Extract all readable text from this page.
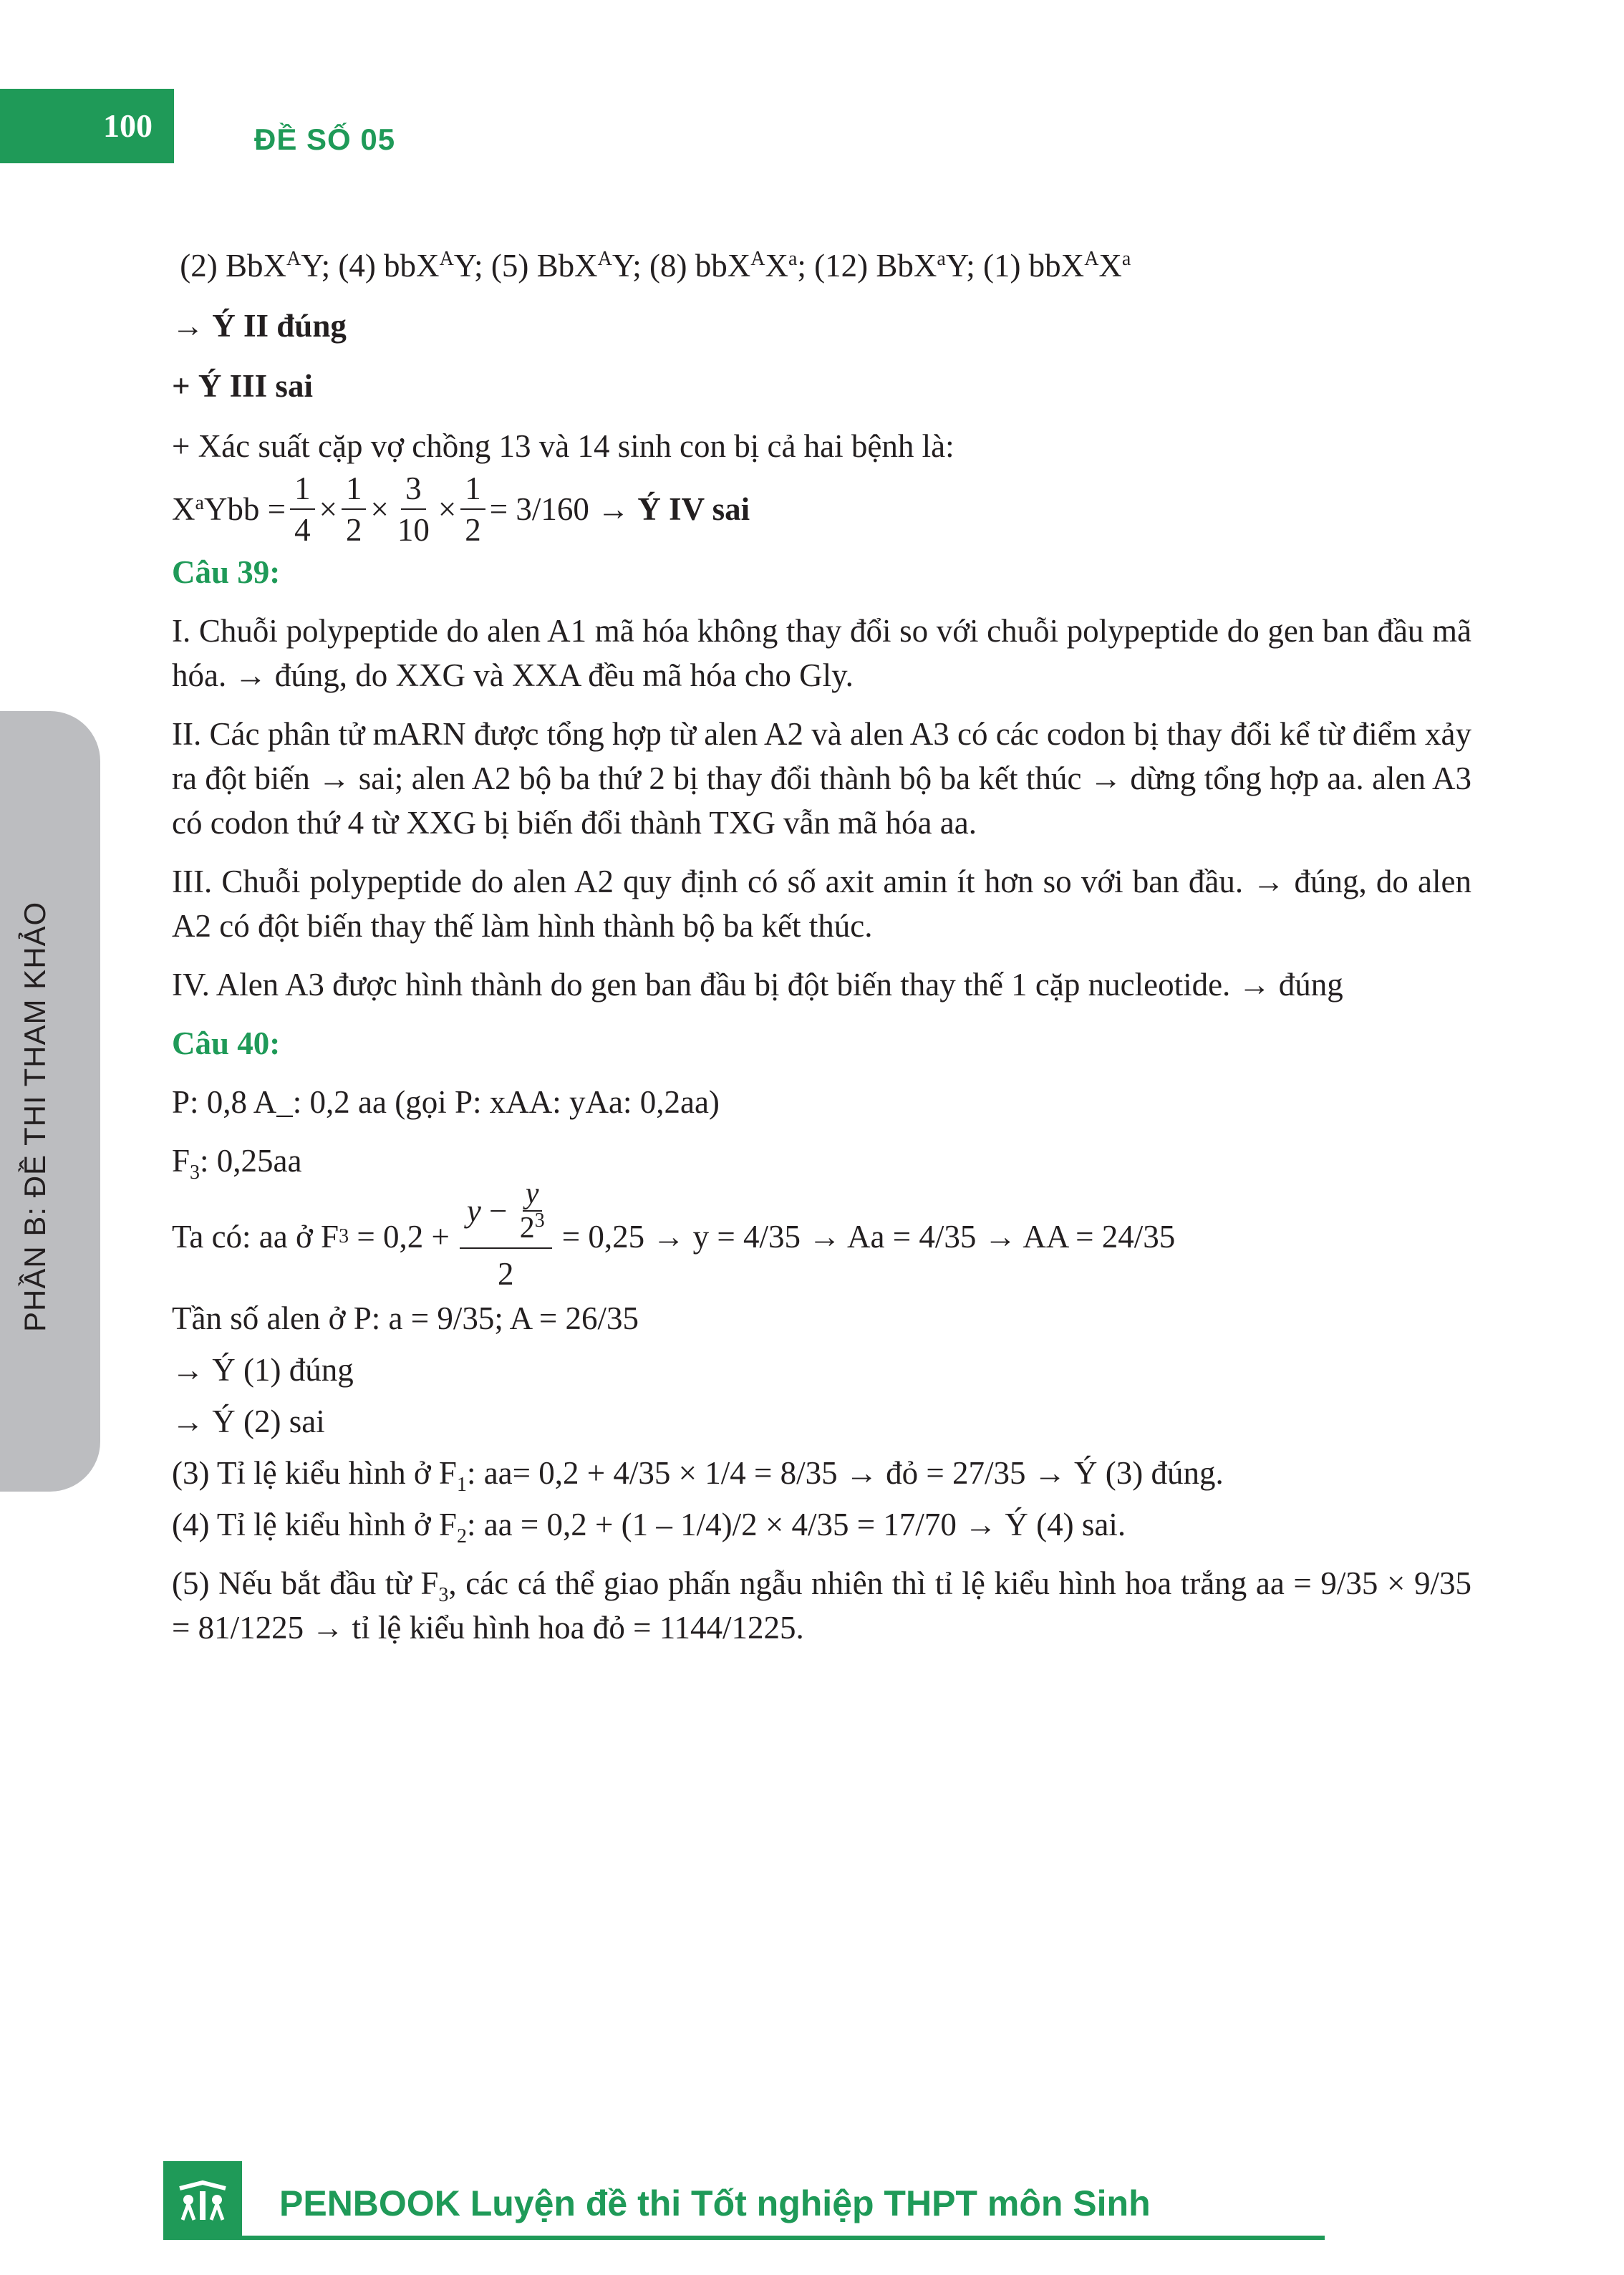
100	ĐỀ SỐ 05
PHẦN B: ĐỀ THI THAM KHẢO

(2) BbX$^A$Y; (4) bbX$^A$Y; (5) BbX$^A$Y; (8) $bbX^AX^a$; (12) BbX$^a$Y; (1) $bbX^AX^a$

→ Ý II đúng

+ Ý III sai

+ Xác suất cặp vợ chồng 13 và 14 sinh con bị cả hai bệnh là:

$X^a$ Ybb = $\frac{1}{4} \times \frac{1}{2} \times \frac{3}{10} \times \frac{1}{2} = 3/160$ → Ý IV sai

Câu 39:

I. Chuỗi polypeptide do alen A1 mã hóa không thay đổi so với chuỗi polypeptide do gen ban đầu mã hóa. → đúng, do XXG và XXA đều mã hóa cho Gly.

II. Các phân tử mARN được tổng hợp từ alen A2 và alen A3 có các codon bị thay đổi kể từ điểm xảy ra đột biến → sai; alen A2 bộ ba thứ 2 bị thay đổi thành bộ ba kết thúc → dừng tổng hợp aa. alen A3 có codon thứ 4 từ XXG bị biến đổi thành TXG vẫn mã hóa aa.

III. Chuỗi polypeptide do alen A2 quy định có số axit amin ít hơn so với ban đầu. → đúng, do alen A2 có đột biến thay thế làm hình thành bộ ba kết thúc.

IV. Alen A3 được hình thành do gen ban đầu bị đột biến thay thế 1 cặp nucleotide. → đúng

Câu 40:

P: 0,8 A_: 0,2 aa (gọi P: xAA: yAa: 0,2aa)

$F_3$: 0,25aa

Ta có: aa ở F $3 = 0,2 + \frac{y - \frac{y}{2^3}}{2} = 0,25 \to y = 4/35 \to Aa = 4/35$ → AA = 24/35

Tần số alen ở P: a = 9/35; A = 26/35

→ Ý (1) đúng

→ Ý (2) sai

(3) Tỉ lệ kiểu hình ở $F_1$: aa= 0,2 + 4/35 × 1/4 = 8/35 → đỏ = 27/35 → Ý (3) đúng.

(4) Tỉ lệ kiểu hình ở $F_2$: aa = 0,2 + (1 – 1/4)/2 × 4/35 = 17/70 → Ý (4) sai.

(5) Nếu bắt đầu từ $F_3$, các cá thể giao phấn ngẫu nhiên thì tỉ lệ kiểu hình hoa trắng aa = 9/35 × 9/35 = 81/1225 → tỉ lệ kiểu hình hoa đỏ = 1144/1225.

PENBOOK Luyện đề thi Tốt nghiệp THPT môn Sinh
